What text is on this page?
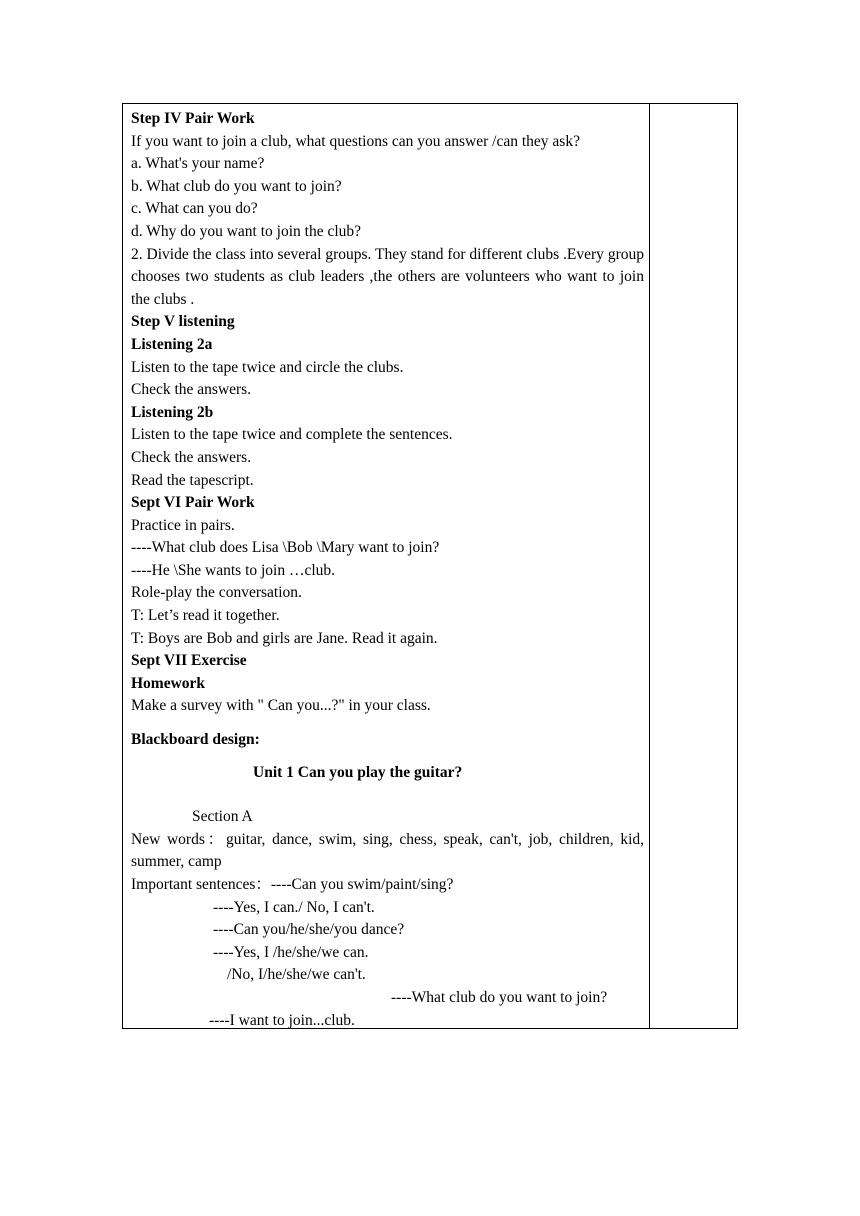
Step IV Pair Work
If you want to join a club, what questions can you answer /can they ask?
a. What's your name?
b. What club do you want to join?
c. What can you do?
d. Why do you want to join the club?
2. Divide the class into several groups. They stand for different clubs .Every group chooses two students as club leaders ,the others are volunteers who want to join the clubs .
Step V listening
Listening 2a
Listen to the tape twice and circle the clubs.
Check the answers.
Listening 2b
Listen to the tape twice and complete the sentences.
Check the answers.
Read the tapescript.
Sept VI Pair Work
Practice in pairs.
----What club does Lisa \Bob \Mary want to join?
----He \She wants to join …club.
Role-play the conversation.
T: Let’s read it together.
T: Boys are Bob and girls are Jane. Read it again.
Sept VII Exercise
Homework
Make a survey with " Can you...?" in your class.
Blackboard design:
Unit 1 Can you play the guitar?
Section A
New words：guitar, dance, swim, sing, chess, speak, can't, job, children, kid, summer, camp
Important sentences：----Can you swim/paint/sing?
----Yes, I can./ No, I can't.
----Can you/he/she/you dance?
----Yes, I /he/she/we can.
/No, I/he/she/we can't.
----What club do you want to join?
----I want to join...club.
